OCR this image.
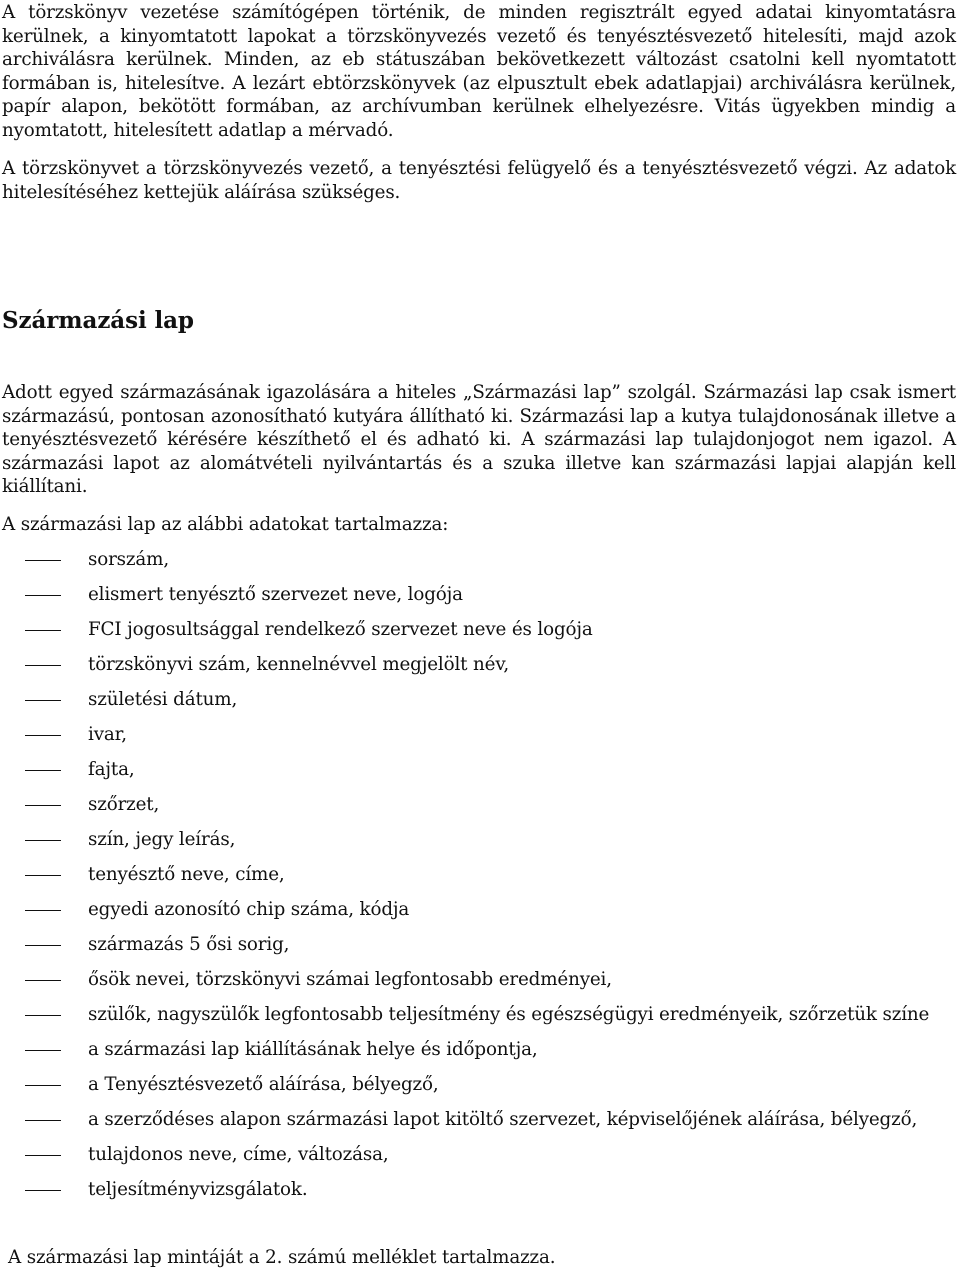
A törzskönyv vezetése számítógépen történik, de minden regisztrált egyed adatai kinyomtatásra kerülnek, a kinyomtatott lapokat a törzskönyvezés vezető és tenyésztésvezető hitelesíti, majd azok archiválásra kerülnek. Minden, az eb státuszában bekövetkezett változást csatolni kell nyomtatott formában is, hitelesítve. A lezárt ebtörzskönyvek (az elpusztult ebek adatlapjai) archiválásra kerülnek, papír alapon, bekötött formában, az archívumban kerülnek elhelyezésre. Vitás ügyekben mindig a nyomtatott, hitelesített adatlap a mérvadó.

A törzskönyvet a törzskönyvezés vezető, a tenyésztési felügyelő és a tenyésztésvezető végzi. Az adatok hitelesítéséhez kettejük aláírása szükséges.

Származási lap

Adott egyed származásának igazolására a hiteles „Származási lap” szolgál. Származási lap csak ismert származású, pontosan azonosítható kutyára állítható ki. Származási lap a kutya tulajdonosának illetve a tenyésztésvezető kérésére készíthető el és adható ki. A származási lap tulajdonjogot nem igazol. A származási lapot az alomátvételi nyilvántartás és a szuka illetve kan származási lapjai alapján kell kiállítani.

A származási lap az alábbi adatokat tartalmazza:

sorszám,
elismert tenyésztő szervezet neve, logója
FCI jogosultsággal rendelkező szervezet neve és logója
törzskönyvi szám, kennelnévvel megjelölt név,
születési dátum,
ivar,
fajta,
szőrzet,
szín, jegy leírás,
tenyésztő neve, címe,
egyedi azonosító chip száma, kódja
származás 5 ősi sorig,
ősök nevei, törzskönyvi számai legfontosabb eredményei,
szülők, nagyszülők legfontosabb teljesítmény és egészségügyi eredményeik, szőrzetük színe
a származási lap kiállításának helye és időpontja,
a Tenyésztésvezető aláírása, bélyegző,
a szerződéses alapon származási lapot kitöltő szervezet, képviselőjének aláírása, bélyegző,
tulajdonos neve, címe, változása,
teljesítményvizsgálatok.

A származási lap mintáját a 2. számú melléklet tartalmazza.
